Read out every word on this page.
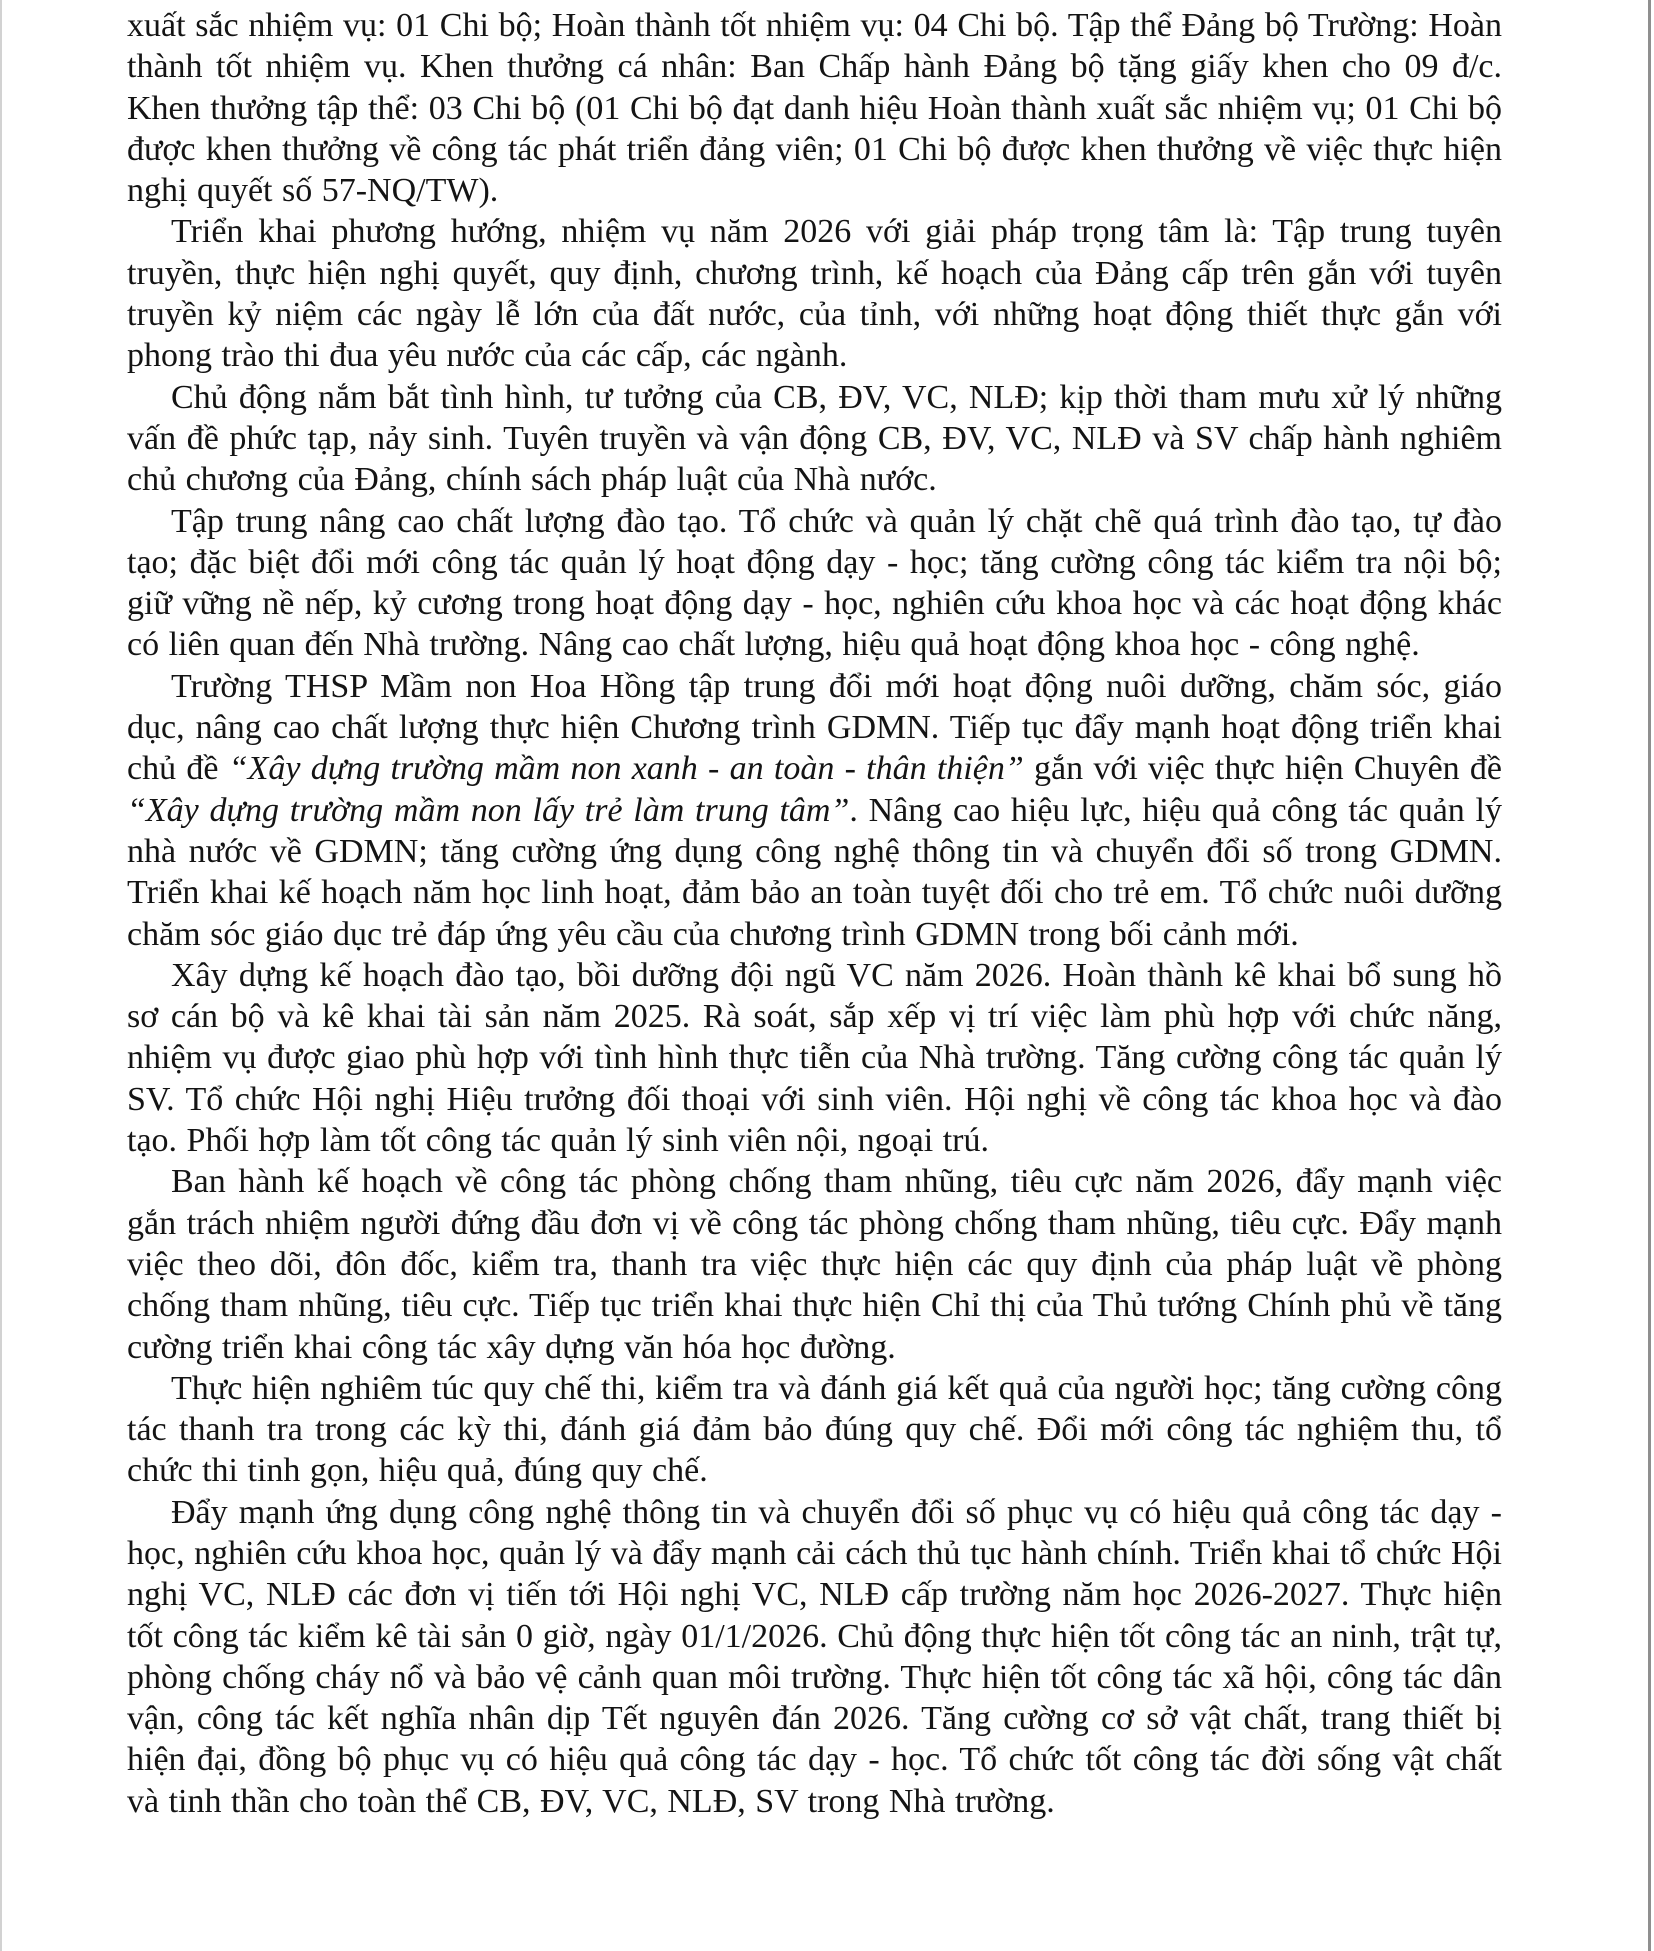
xuất sắc nhiệm vụ: 01 Chi bộ; Hoàn thành tốt nhiệm vụ: 04 Chi bộ. Tập thể Đảng bộ Trường: Hoàn thành tốt nhiệm vụ. Khen thưởng cá nhân: Ban Chấp hành Đảng bộ tặng giấy khen cho 09 đ/c. Khen thưởng tập thể: 03 Chi bộ (01 Chi bộ đạt danh hiệu Hoàn thành xuất sắc nhiệm vụ; 01 Chi bộ được khen thưởng về công tác phát triển đảng viên; 01 Chi bộ được khen thưởng về việc thực hiện nghị quyết số 57-NQ/TW).

Triển khai phương hướng, nhiệm vụ năm 2026 với giải pháp trọng tâm là: Tập trung tuyên truyền, thực hiện nghị quyết, quy định, chương trình, kế hoạch của Đảng cấp trên gắn với tuyên truyền kỷ niệm các ngày lễ lớn của đất nước, của tỉnh, với những hoạt động thiết thực gắn với phong trào thi đua yêu nước của các cấp, các ngành.

Chủ động nắm bắt tình hình, tư tưởng của CB, ĐV, VC, NLĐ; kịp thời tham mưu xử lý những vấn đề phức tạp, nảy sinh. Tuyên truyền và vận động CB, ĐV, VC, NLĐ và SV chấp hành nghiêm chủ chương của Đảng, chính sách pháp luật của Nhà nước.

Tập trung nâng cao chất lượng đào tạo. Tổ chức và quản lý chặt chẽ quá trình đào tạo, tự đào tạo; đặc biệt đổi mới công tác quản lý hoạt động dạy - học; tăng cường công tác kiểm tra nội bộ; giữ vững nề nếp, kỷ cương trong hoạt động dạy - học, nghiên cứu khoa học và các hoạt động khác có liên quan đến Nhà trường. Nâng cao chất lượng, hiệu quả hoạt động khoa học - công nghệ.

Trường THSP Mầm non Hoa Hồng tập trung đổi mới hoạt động nuôi dưỡng, chăm sóc, giáo dục, nâng cao chất lượng thực hiện Chương trình GDMN. Tiếp tục đẩy mạnh hoạt động triển khai chủ đề “Xây dựng trường mầm non xanh - an toàn - thân thiện” gắn với việc thực hiện Chuyên đề “Xây dựng trường mầm non lấy trẻ làm trung tâm”. Nâng cao hiệu lực, hiệu quả công tác quản lý nhà nước về GDMN; tăng cường ứng dụng công nghệ thông tin và chuyển đổi số trong GDMN. Triển khai kế hoạch năm học linh hoạt, đảm bảo an toàn tuyệt đối cho trẻ em. Tổ chức nuôi dưỡng chăm sóc giáo dục trẻ đáp ứng yêu cầu của chương trình GDMN trong bối cảnh mới.

Xây dựng kế hoạch đào tạo, bồi dưỡng đội ngũ VC năm 2026. Hoàn thành kê khai bổ sung hồ sơ cán bộ và kê khai tài sản năm 2025. Rà soát, sắp xếp vị trí việc làm phù hợp với chức năng, nhiệm vụ được giao phù hợp với tình hình thực tiễn của Nhà trường. Tăng cường công tác quản lý SV. Tổ chức Hội nghị Hiệu trưởng đối thoại với sinh viên. Hội nghị về công tác khoa học và đào tạo. Phối hợp làm tốt công tác quản lý sinh viên nội, ngoại trú.

Ban hành kế hoạch về công tác phòng chống tham nhũng, tiêu cực năm 2026, đẩy mạnh việc gắn trách nhiệm người đứng đầu đơn vị về công tác phòng chống tham nhũng, tiêu cực. Đẩy mạnh việc theo dõi, đôn đốc, kiểm tra, thanh tra việc thực hiện các quy định của pháp luật về phòng chống tham nhũng, tiêu cực. Tiếp tục triển khai thực hiện Chỉ thị của Thủ tướng Chính phủ về tăng cường triển khai công tác xây dựng văn hóa học đường.

Thực hiện nghiêm túc quy chế thi, kiểm tra và đánh giá kết quả của người học; tăng cường công tác thanh tra trong các kỳ thi, đánh giá đảm bảo đúng quy chế. Đổi mới công tác nghiệm thu, tổ chức thi tinh gọn, hiệu quả, đúng quy chế.

Đẩy mạnh ứng dụng công nghệ thông tin và chuyển đổi số phục vụ có hiệu quả công tác dạy - học, nghiên cứu khoa học, quản lý và đẩy mạnh cải cách thủ tục hành chính. Triển khai tổ chức Hội nghị VC, NLĐ các đơn vị tiến tới Hội nghị VC, NLĐ cấp trường năm học 2026-2027. Thực hiện tốt công tác kiểm kê tài sản 0 giờ, ngày 01/1/2026. Chủ động thực hiện tốt công tác an ninh, trật tự, phòng chống cháy nổ và bảo vệ cảnh quan môi trường. Thực hiện tốt công tác xã hội, công tác dân vận, công tác kết nghĩa nhân dịp Tết nguyên đán 2026. Tăng cường cơ sở vật chất, trang thiết bị hiện đại, đồng bộ phục vụ có hiệu quả công tác dạy - học. Tổ chức tốt công tác đời sống vật chất và tinh thần cho toàn thể CB, ĐV, VC, NLĐ, SV trong Nhà trường.
